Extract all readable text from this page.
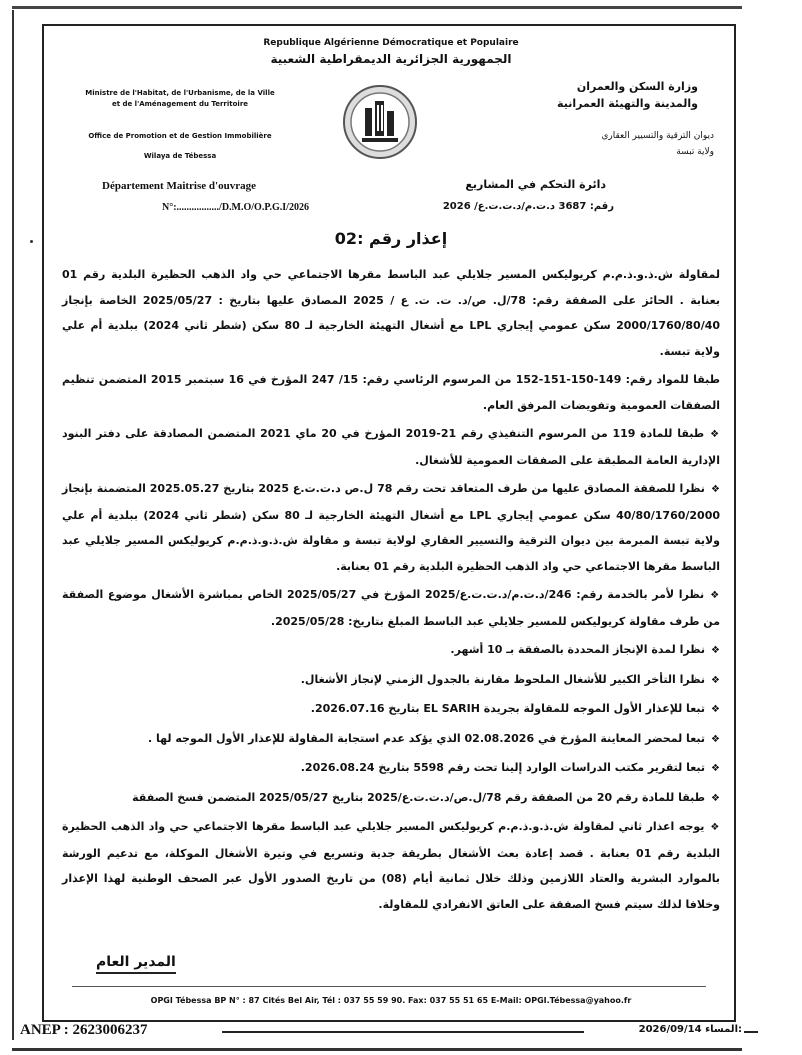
Republique Algérienne Démocratique et Populaire
الجمهورية الجزائرية الديمقراطية الشعبية
Ministre de l'Habitat, de l'Urbanisme, de la Ville
et de l'Aménagement du Territoire
Office de Promotion et de Gestion Immobilière
Wilaya de Tébessa
وزارة السكن والعمران
والمدينة والتهيئة العمرانية
ديوان الترقية والتسيير العقاري
ولاية تبسة
Département Maitrise d'ouvrage	دائرة التحكم في المشاريع
N°:................./D.M.O/O.P.G.I/2026	رقم: 3687 د.ت.م/د.ت.ت.ع/ 2026
إعذار رقم :02

لمقاولة ش.ذ.و.ذ.م.م كريوليكس المسير جلايلي عبد الباسط مقرها الاجتماعي حي واد الذهب الحظيرة البلدية رقم 01 بعنابة . الحائز على الصفقة رقم: 78/ل. ص/د. ت. ت. ع / 2025 المصادق عليها بتاريخ : 2025/05/27 الخاصة بإنجاز 2000/1760/80/40 سكن عمومي إيجاري LPL مع أشغال التهيئة الخارجية لـ 80 سكن (شطر ثاني 2024) ببلدية أم علي ولاية تبسة.

طبقا للمواد رقم: 149-150-151-152 من المرسوم الرئاسي رقم: 15/ 247 المؤرخ في 16 سبتمبر 2015 المتضمن تنظيم الصفقات العمومية وتفويضات المرفق العام.

❖ طبقا للمادة 119 من المرسوم التنفيذي رقم 21-2019 المؤرخ في 20 ماي 2021 المتضمن المصادقة على دفتر البنود الإدارية العامة المطبقة على الصفقات العمومية للأشغال.

❖ نظرا للصفقة المصادق عليها من طرف المتعاقد تحت رقم 78 ل.ص د.ت.ت.ع 2025 بتاريخ 2025.05.27 المتضمنة بإنجاز 40/80/1760/2000 سكن عمومي إيجاري LPL مع أشغال التهيئة الخارجية لـ 80 سكن (شطر ثاني 2024) ببلدية أم علي ولاية تبسة المبرمة بين ديوان الترقية والتسيير العقاري لولاية تبسة و مقاولة ش.ذ.و.ذ.م.م كريوليكس المسير جلايلي عبد الباسط مقرها الاجتماعي حي واد الذهب الحظيرة البلدية رقم 01 بعنابة.

❖ نظرا لأمر بالخدمة رقم: 246/د.ت.م/د.ت.ت.ع/2025 المؤرخ في 2025/05/27 الخاص بمباشرة الأشغال موضوع الصفقة من طرف مقاولة كريوليكس للمسير جلايلي عبد الباسط المبلغ بتاريخ: 2025/05/28.

❖ نظرا لمدة الإنجاز المحددة بالصفقة بـ 10 أشهر.

❖ نظرا التأخر الكبير للأشغال الملحوظ مقارنة بالجدول الزمني لإنجاز الأشغال.

❖ تبعا للإعذار الأول الموجه للمقاولة بجريدة EL SARIH بتاريخ 2026.07.16.

❖ تبعا لمحضر المعاينة المؤرخ في 02.08.2026 الذي يؤكد عدم استجابة المقاولة للإعذار الأول الموجه لها .

❖ تبعا لتقرير مكتب الدراسات الوارد إلينا تحت رقم 5598 بتاريخ 2026.08.24.

❖ طبقا للمادة رقم 20 من الصفقة رقم 78/ل.ص/د.ت.ت.ع/2025 بتاريخ 2025/05/27 المتضمن فسخ الصفقة

❖ يوجه اعذار ثاني لمقاولة ش.ذ.و.ذ.م.م كريوليكس المسير جلايلي عبد الباسط مقرها الاجتماعي حي واد الذهب الحظيرة البلدية رقم 01 بعنابة . قصد إعادة بعث الأشغال بطريقة جدية وتسريع في وتيرة الأشغال الموكلة، مع تدعيم الورشة بالموارد البشرية والعتاد اللازمين وذلك خلال ثمانية أيام (08) من تاريخ الصدور الأول عبر الصحف الوطنية لهذا الإعذار وخلافا لذلك سيتم فسخ الصفقة على العاتق الانفرادي للمقاولة.

المدير العام
OPGI Tébessa BP N° : 87 Cités Bel Air, Tél : 037 55 59 90. Fax: 037 55 51 65 E-Mail: OPGI.Tébessa@yahoo.fr
ANEP : 2623006237	2026/09/14 المساء:
